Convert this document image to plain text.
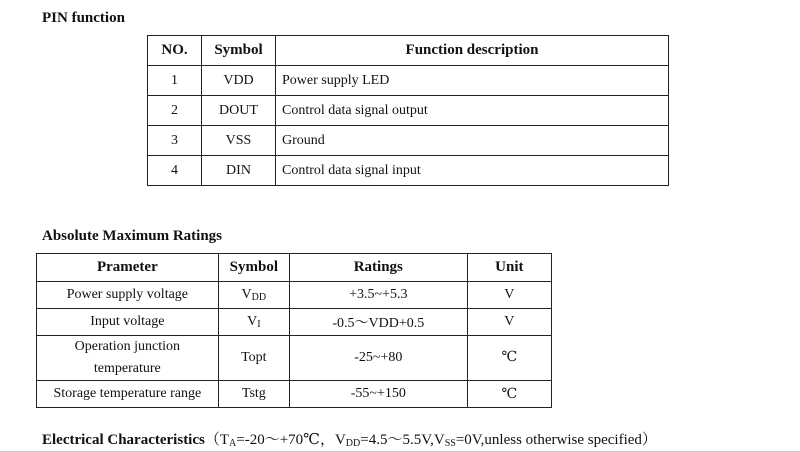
PIN function
NO.	Symbol	Function description
1	VDD	Power supply LED
2	DOUT	Control data signal output
3	VSS	Ground
4	DIN	Control data signal input
Absolute Maximum Ratings
Prameter	Symbol	Ratings	Unit
Power supply voltage	$V_{DD}$	+3.5~+5.3	V
Input voltage	$V_I$	-0.5～VDD+0.5	V
Operation junction temperature	Topt	-25~+80	℃
Storage temperature range	Tstg	-55~+150	℃
Electrical $Characteristics(T_A=-20\sim+70℃$，$V_{DD}=4.5\sim 5.5V,V_{SS}=0V,unless$ otherwise specified）
